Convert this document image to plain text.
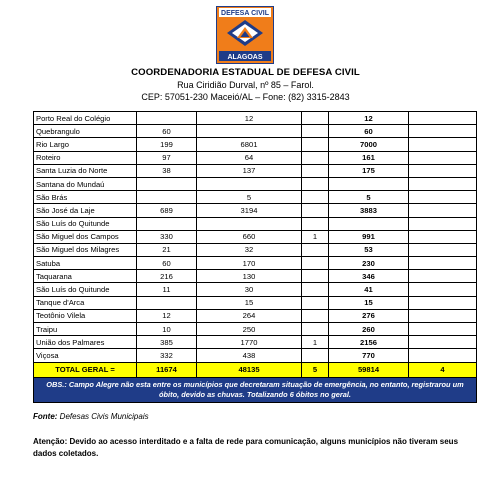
DEFESA CIVIL
ALAGOAS
COORDENADORIA ESTADUAL DE DEFESA CIVIL
Rua Ciridião Durval, nº 85 – Farol.
CEP: 57051-230 Maceió/AL – Fone: (82) 3315-2843
Porto Real do Colégio		12		12	
Quebrangulo	60			60	
Rio Largo	199	6801		7000	
Roteiro	97	64		161	
Santa Luzia do Norte	38	137		175	
Santana do Mundaú					
São Brás		5		5	
São José da Laje	689	3194		3883	
São Luís do Quitunde					
São Miguel dos Campos	330	660	1	991	
São Miguel dos Milagres	21	32		53	
Satuba	60	170		230	
Taquarana	216	130		346	
São Luís do Quitunde	11	30		41	
Tanque d'Arca		15		15	
Teotônio Vilela	12	264		276	
Traipu	10	250		260	
União dos Palmares	385	1770	1	2156	
Viçosa	332	438		770	
TOTAL GERAL =	11674	48135	5	59814	4
OBS.: Campo Alegre não esta entre os municípios que decretaram situação de emergência, no entanto, registrarou um óbito, devido as chuvas. Totalizando 6 óbitos no geral.					
Fonte: Defesas Civis Municipais
Atenção: Devido ao acesso interditado e a falta de rede para comunicação, alguns municípios não tiveram seus dados coletados.
